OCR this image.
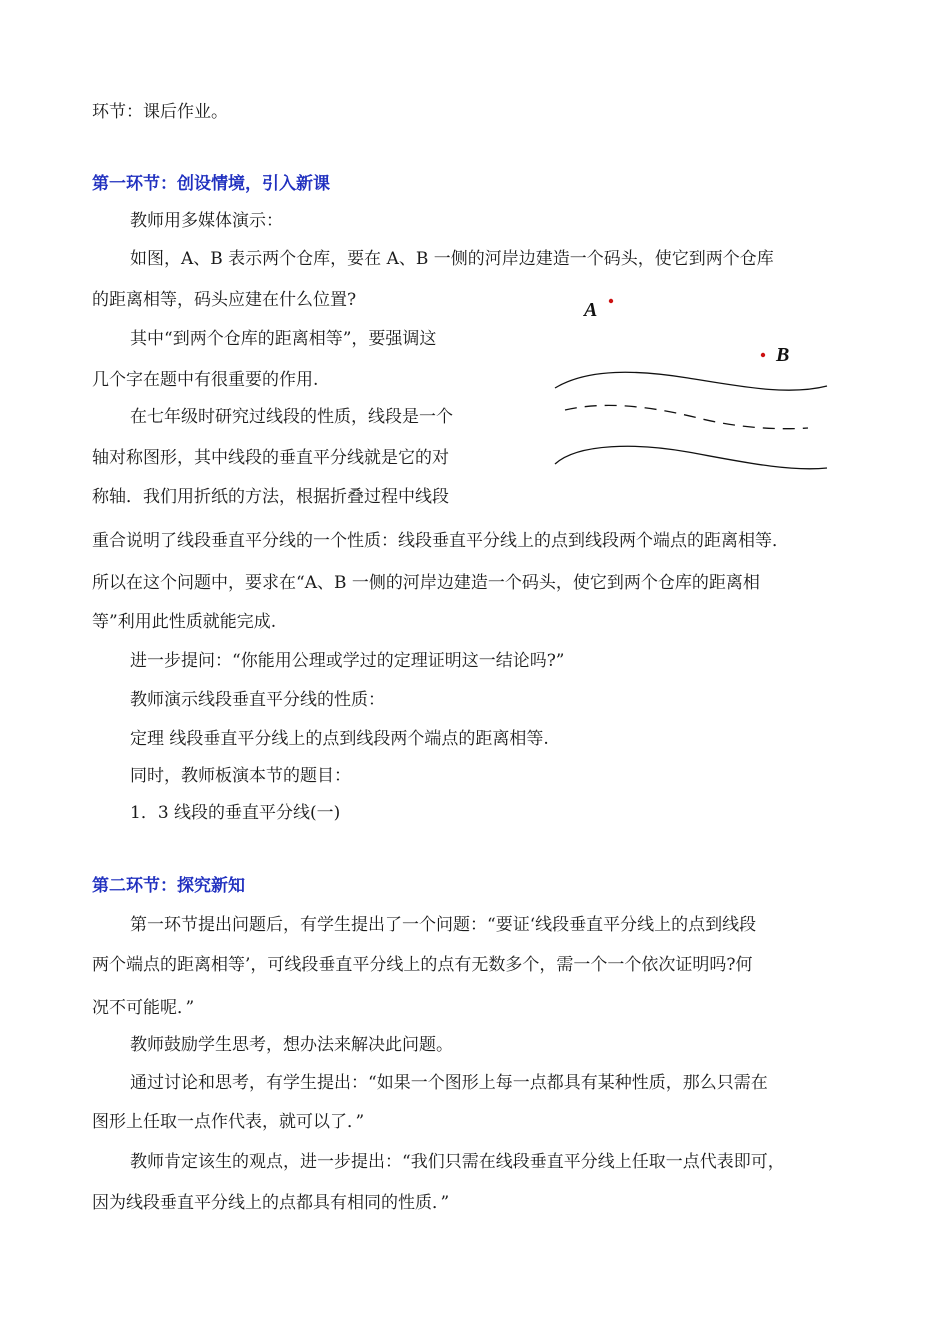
环节：课后作业。
第一环节：创设情境，引入新课
教师用多媒体演示：
如图，A、B 表示两个仓库，要在 A、B 一侧的河岸边建造一个码头，使它到两个仓库
的距离相等，码头应建在什么位置?
其中“到两个仓库的距离相等”，要强调这
几个字在题中有很重要的作用.
在七年级时研究过线段的性质，线段是一个
轴对称图形，其中线段的垂直平分线就是它的对
称轴．我们用折纸的方法，根据折叠过程中线段
重合说明了线段垂直平分线的一个性质：线段垂直平分线上的点到线段两个端点的距离相等．
所以在这个问题中，要求在“A、B 一侧的河岸边建造一个码头，使它到两个仓库的距离相
等”利用此性质就能完成.
进一步提问：“你能用公理或学过的定理证明这一结论吗?”
教师演示线段垂直平分线的性质：
定理 线段垂直平分线上的点到线段两个端点的距离相等.
同时，教师板演本节的题目：
1．3 线段的垂直平分线(一)
第二环节：探究新知
第一环节提出问题后，有学生提出了一个问题：“要证‘线段垂直平分线上的点到线段
两个端点的距离相等’，可线段垂直平分线上的点有无数多个，需一个一个依次证明吗?何
况不可能呢．”
教师鼓励学生思考，想办法来解决此问题。
通过讨论和思考，有学生提出：“如果一个图形上每一点都具有某种性质，那么只需在
图形上任取一点作代表，就可以了．”
教师肯定该生的观点，进一步提出：“我们只需在线段垂直平分线上任取一点代表即可，
因为线段垂直平分线上的点都具有相同的性质．”
A
B
